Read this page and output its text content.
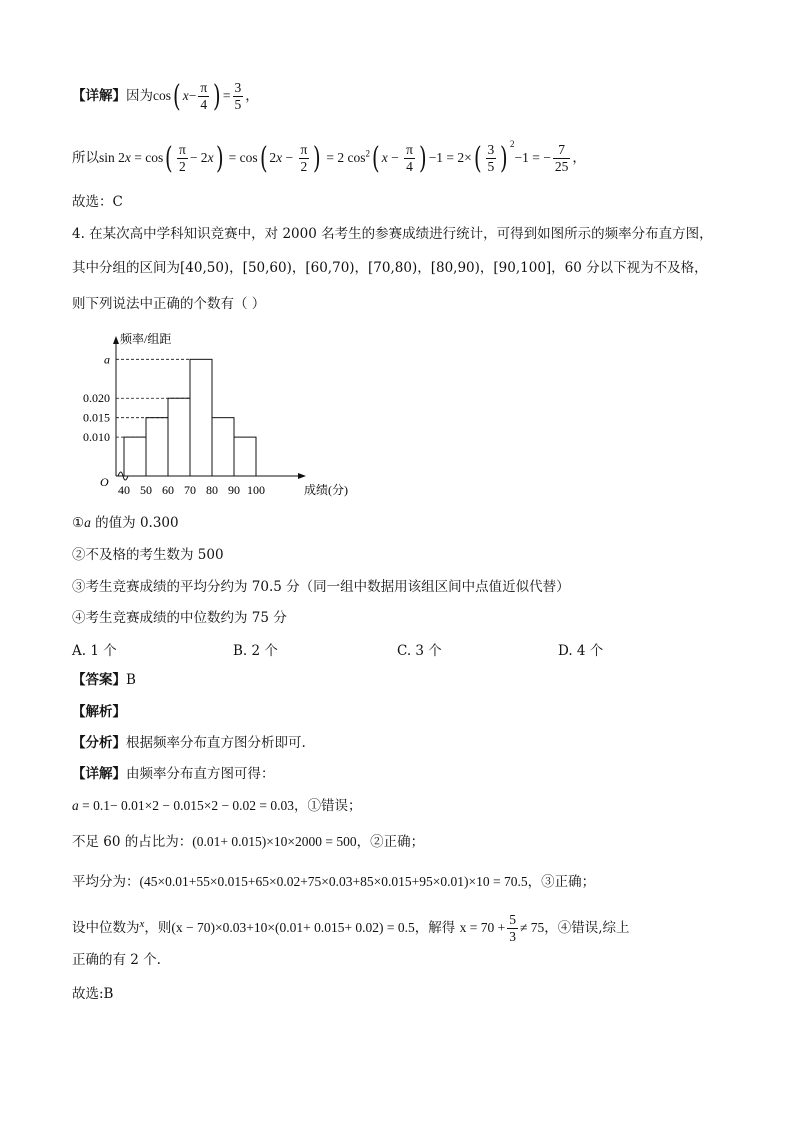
【详解】因为cos( $x- \frac{\pi}{4}$ ) = $\frac{3}{5}$ ，
所以$\sin 2x = \cos( \frac{\pi}{2} - 2x) = \cos$( $2x - \frac{\pi}{2}$ ) = 2 $\cos^2$( $x - \frac{\pi}{4}$ ) $-1 = 2\times( \frac{3}{5}$ ) $^2$−1 = − $\frac{7}{25}$ ，
故选：C
4. 在某次高中学科知识竞赛中，对 2000 名考生的参赛成绩进行统计，可得到如图所示的频率分布直方图，
其中分组的区间为[40,50)，[50,60)，[60,70)，[70,80)，[80,90)，[90,100]，60 分以下视为不及格，
则下列说法中正确的个数有（ ）
频率/组距
成绩(分)
O
0.010
0.015
0.020
a
40 50 60 70 80 90 100
①a 的值为 0.300
②不及格的考生数为 500
③考生竞赛成绩的平均分约为 70.5 分（同一组中数据用该组区间中点值近似代替）
④考生竞赛成绩的中位数约为 75 分
A. 1 个	B. 2 个	C. 3 个	D. 4 个
【答案】B
【解析】
【分析】根据频率分布直方图分析即可.
【详解】由频率分布直方图可得：
a = 0.1− 0.01×2 − 0.015×2 − 0.02 = 0.03，①错误；
不足 60 的占比为：(0.01+ 0.015)×10×2000 = 500，②正确；
平均分为：(45×0.01+55×0.015+65×0.02+75×0.03+85×0.015+95×0.01)×10 = 70.5，③正确；
设中位数为$^x$，则(x − 70)×0.03+10×(0.01+ 0.015+ 0.02) = 0.5，解得 $x = 70 + \frac{5}{3} \ne 75$，④错误,综上
正确的有 2 个.
故选:B
